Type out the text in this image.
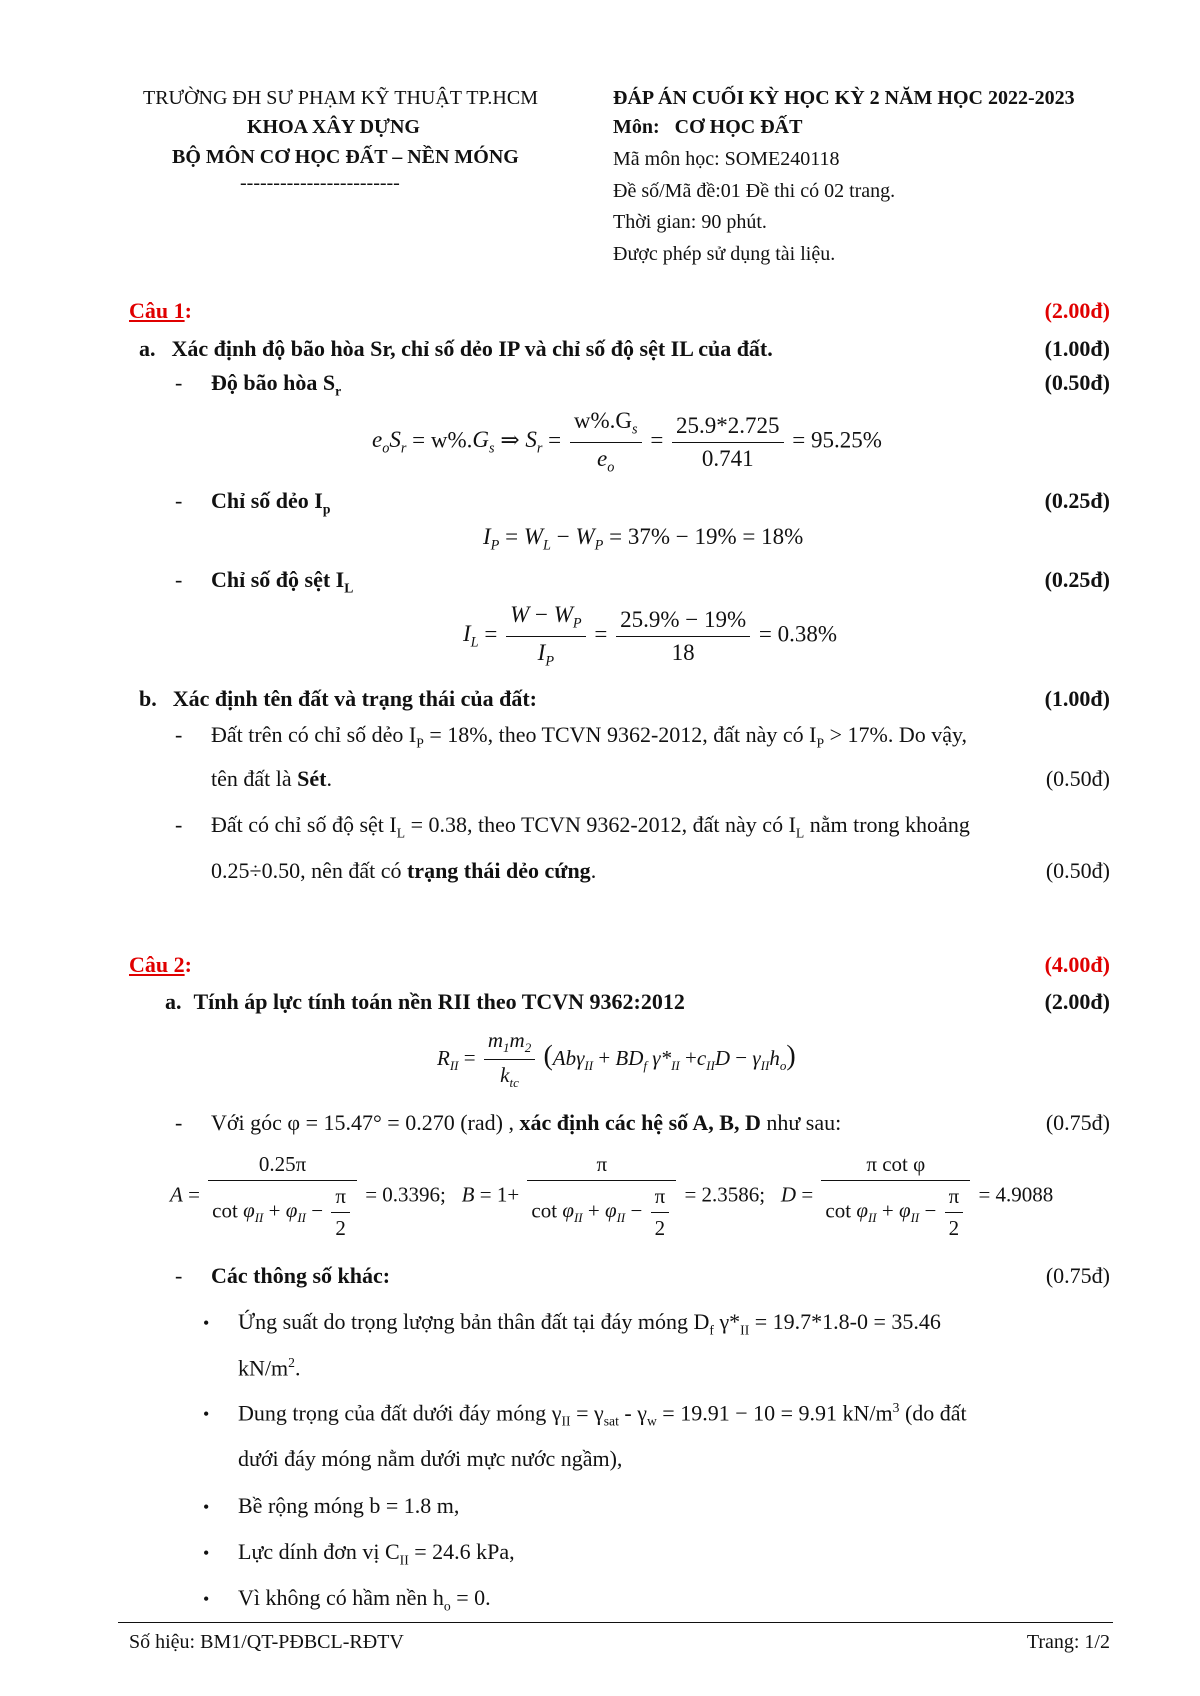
TRƯỜNG ĐH SƯ PHẠM KỸ THUẬT TP.HCM
KHOA XÂY DỰNG
BỘ MÔN CƠ HỌC ĐẤT – NỀN MÓNG
------------------------
ĐÁP ÁN CUỐI KỲ HỌC KỲ 2 NĂM HỌC 2022-2023
Môn: CƠ HỌC ĐẤT
Mã môn học: SOME240118
Đề số/Mã đề:01 Đề thi có 02 trang.
Thời gian: 90 phút.
Được phép sử dụng tài liệu.
Câu 1:	(2.00đ)
a. Xác định độ bão hòa Sr, chỉ số dẻo IP và chỉ số độ sệt IL của đất.	(1.00đ)
- Độ bão hòa $S_r$	(0.50đ)
$e_oS_r = w\%.G_s$ ⇒ $S_r = \frac{w\%.G_s}{e_o} = \frac{25.9*2.725}{0.741} = 95.25\%$
- Chỉ số dẻo $I_p$	(0.25đ)
$I_P = W_L - W_P = 37\% - 19\% = 18\%$
- Chỉ số độ sệt $I_L$	(0.25đ)
$I_L = \frac{W - W_P}{I_P} = \frac{25.9\% - 19\%}{18} = 0.38\%$
b. Xác định tên đất và trạng thái của đất:	(1.00đ)
- Đất trên có chỉ số dẻo $I_P = 18\%$, theo TCVN 9362-2012, đất này có $I_P > 17\%$. Do vậy,
tên đất là Sét.	(0.50đ)
- Đất có chỉ số độ sệt $I_L = 0.38$, theo TCVN 9362-2012, đất này có $I_L$ nằm trong khoảng
0.25÷0.50, nên đất có trạng thái dẻo cứng.	(0.50đ)
Câu 2:	(4.00đ)
a. Tính áp lực tính toán nền RII theo TCVN 9362:2012	(2.00đ)
$R_{II} = \frac{m_1m_2}{k_{tc}} (Ab\gamma_{II} + BD_f$ $\gamma*_{II} +c_{II}D - \gamma_{II}h_o$)
- Với góc φ = 15.47° = 0.270 (rad) , xác định các hệ số A, B, D như sau:	(0.75đ)
$A = \frac{0.25\pi}{\cot \varphi_{II} + \varphi_{II} - \frac{\pi}{2}} = 0.3396$; $B = 1+ \frac{\pi}{\cot \varphi_{II} + \varphi_{II} - \frac{\pi}{2}} = 2.3586$; $D = \frac{\text{π cot φ}}{\cot \varphi_{II} + \varphi_{II} - \frac{\pi}{2}} = 4.9088$
- Các thông số khác:	(0.75đ)
• Ứng suất do trọng lượng bản thân đất tại đáy móng $D_f$ $\gamma*_{II} = 19.7*1.8-0 = 35.46$
$kN/m^2$.
• Dung trọng của đất dưới đáy móng $\gamma_{II} = \gamma_{sat} - \gamma_w = 19.91 - 10 = 9.91$ $kN/m^3$ (do đất
dưới đáy móng nằm dưới mực nước ngầm),
• Bề rộng móng b = 1.8 m,
• Lực dính đơn vị $C_{II} = 24.6$ kPa,
• Vì không có hầm nền $h_o = 0$.
Số hiệu: BM1/QT-PĐBCL-RĐTV	Trang: 1/2
